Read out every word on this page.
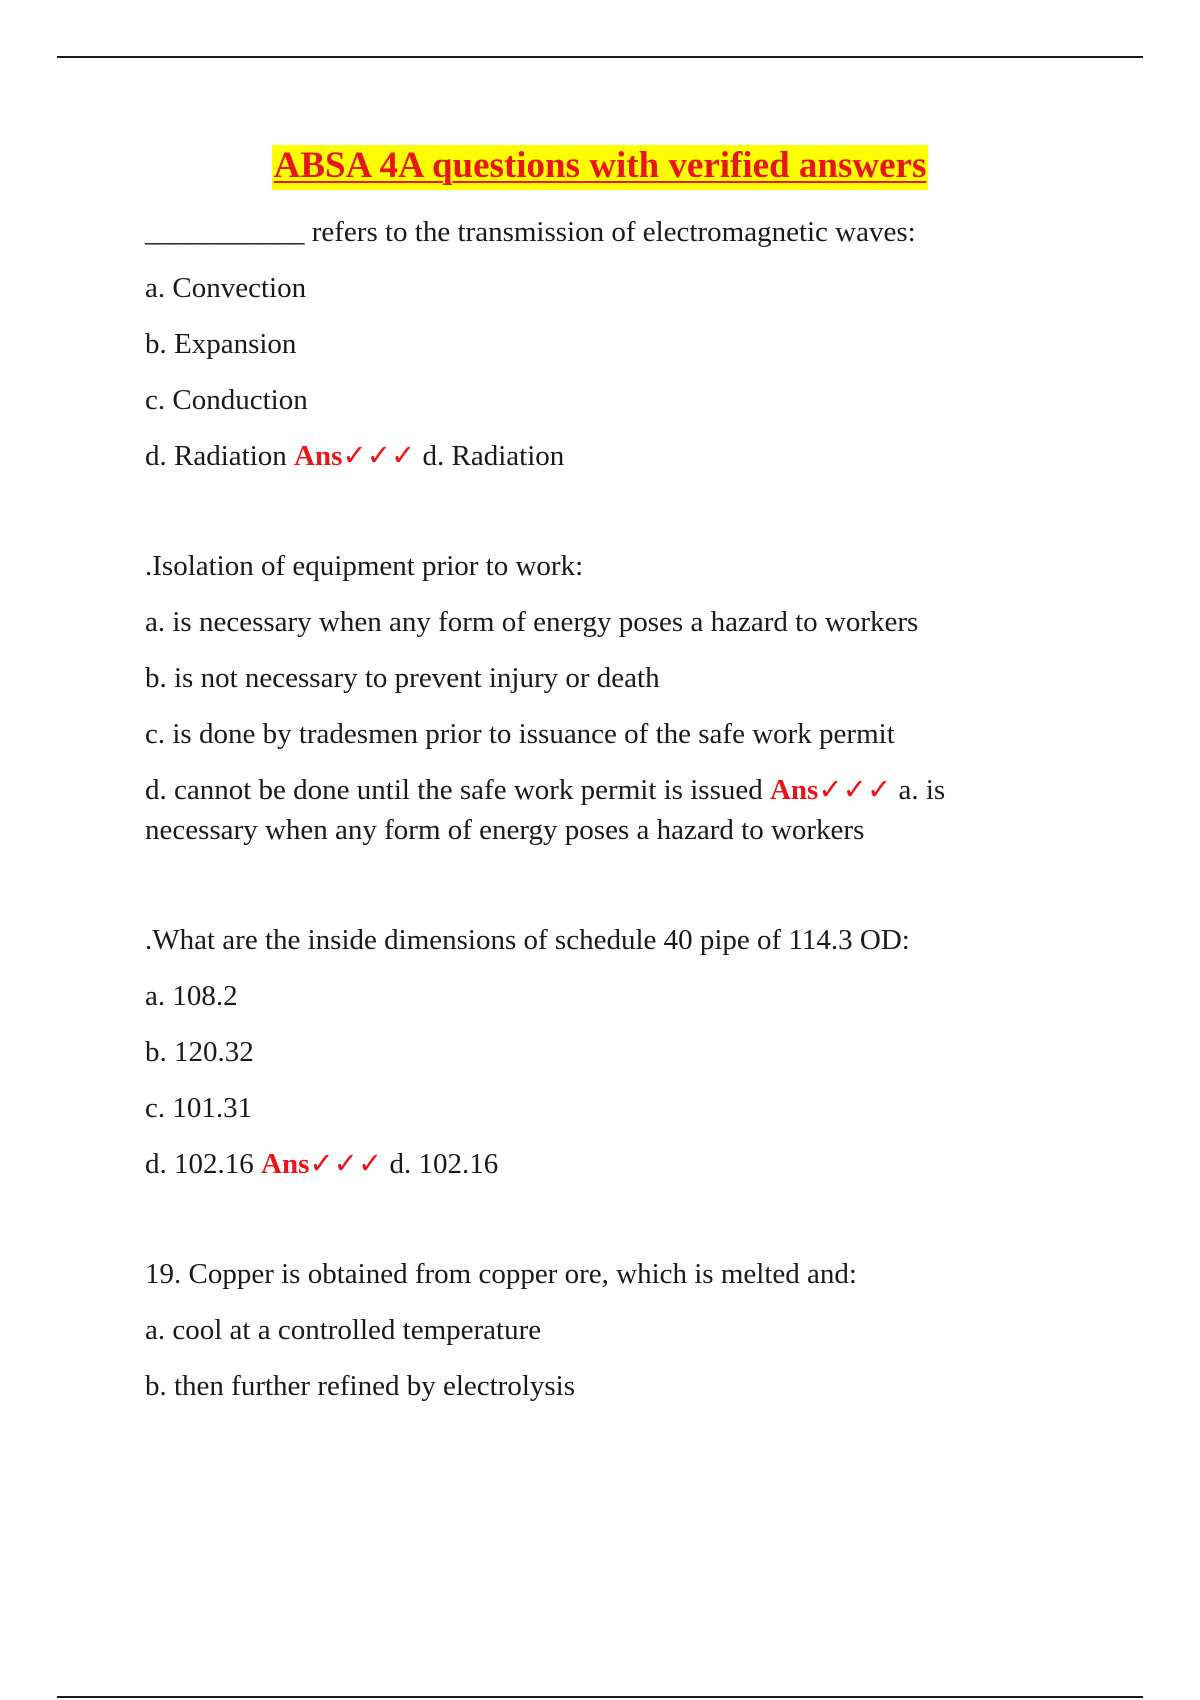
ABSA 4A questions with verified answers

___________ refers to the transmission of electromagnetic waves:

a. Convection

b. Expansion

c. Conduction

d. Radiation Ans✓✓✓ d. Radiation

.Isolation of equipment prior to work:

a. is necessary when any form of energy poses a hazard to workers

b. is not necessary to prevent injury or death

c. is done by tradesmen prior to issuance of the safe work permit

d. cannot be done until the safe work permit is issued Ans✓✓✓ a. is necessary when any form of energy poses a hazard to workers

.What are the inside dimensions of schedule 40 pipe of 114.3 OD:

a. 108.2

b. 120.32

c. 101.31

d. 102.16 Ans✓✓✓ d. 102.16

19. Copper is obtained from copper ore, which is melted and:

a. cool at a controlled temperature

b. then further refined by electrolysis
